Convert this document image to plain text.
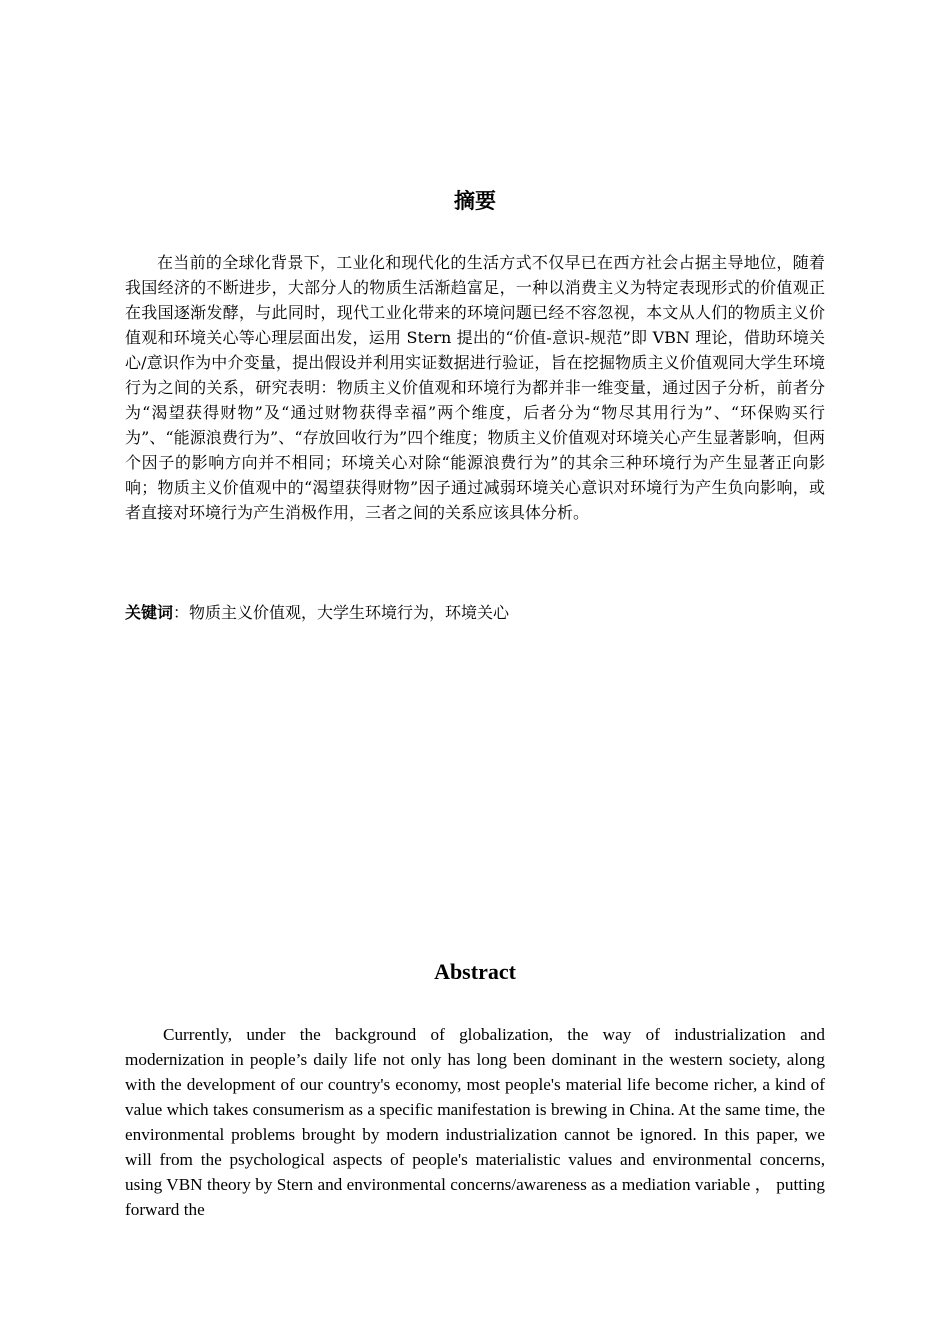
摘要

在当前的全球化背景下，工业化和现代化的生活方式不仅早已在西方社会占据主导地位，随着我国经济的不断进步，大部分人的物质生活渐趋富足，一种以消费主义为特定表现形式的价值观正在我国逐渐发酵，与此同时，现代工业化带来的环境问题已经不容忽视，本文从人们的物质主义价值观和环境关心等心理层面出发，运用 Stern 提出的“价值-意识-规范”即 VBN 理论，借助环境关心/意识作为中介变量，提出假设并利用实证数据进行验证，旨在挖掘物质主义价值观同大学生环境行为之间的关系，研究表明：物质主义价值观和环境行为都并非一维变量，通过因子分析，前者分为“渴望获得财物”及“通过财物获得幸福”两个维度，后者分为“物尽其用行为”、“环保购买行为”、“能源浪费行为”、“存放回收行为”四个维度；物质主义价值观对环境关心产生显著影响，但两个因子的影响方向并不相同；环境关心对除“能源浪费行为”的其余三种环境行为产生显著正向影响；物质主义价值观中的“渴望获得财物”因子通过减弱环境关心意识对环境行为产生负向影响，或者直接对环境行为产生消极作用，三者之间的关系应该具体分析。

关键词：物质主义价值观，大学生环境行为，环境关心

Abstract

Currently, under the background of globalization, the way of industrialization and modernization in people’s daily life not only has long been dominant in the western society, along with the development of our country's economy, most people's material life become richer, a kind of value which takes consumerism as a specific manifestation is brewing in China. At the same time, the environmental problems brought by modern industrialization cannot be ignored. In this paper, we will from the psychological aspects of people's materialistic values and environmental concerns, using VBN theory by Stern and environmental concerns/awareness as a mediation variable ， putting forward the
